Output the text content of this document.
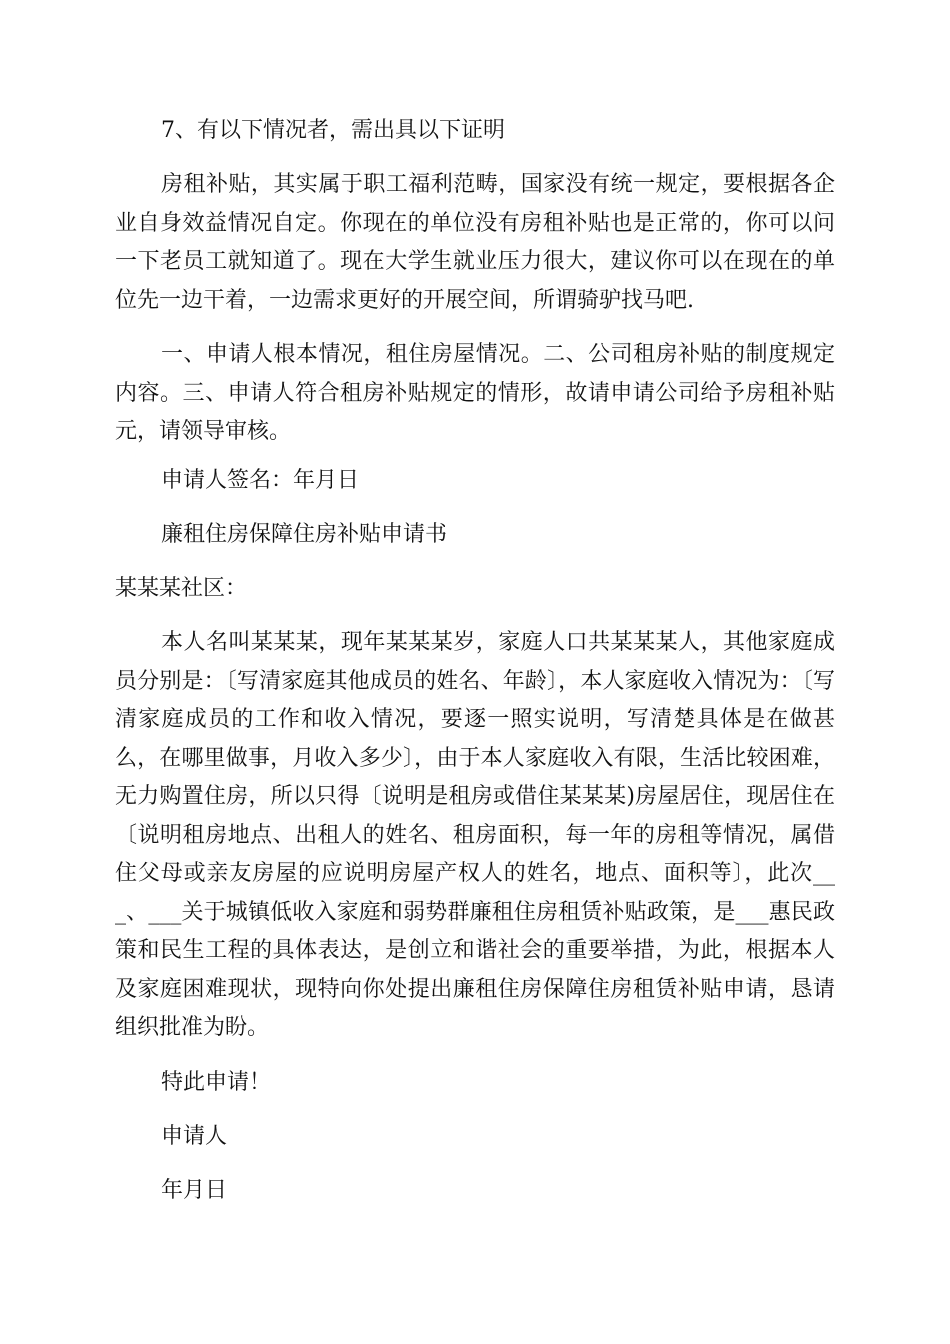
7、有以下情况者，需出具以下证明

房租补贴，其实属于职工福利范畴，国家没有统一规定，要根据各企业自身效益情况自定。你现在的单位没有房租补贴也是正常的，你可以问一下老员工就知道了。现在大学生就业压力很大，建议你可以在现在的单位先一边干着，一边需求更好的开展空间，所谓骑驴找马吧.

一、申请人根本情况，租住房屋情况。二、公司租房补贴的制度规定内容。三、申请人符合租房补贴规定的情形，故请申请公司给予房租补贴元，请领导审核。

申请人签名：年月日

廉租住房保障住房补贴申请书

某某某社区：

本人名叫某某某，现年某某某岁，家庭人口共某某某人，其他家庭成员分别是：〔写清家庭其他成员的姓名、年龄〕，本人家庭收入情况为：〔写清家庭成员的工作和收入情况，要逐一照实说明，写清楚具体是在做甚么，在哪里做事，月收入多少〕，由于本人家庭收入有限，生活比较困难，无力购置住房，所以只得〔说明是租房或借住某某某)房屋居住，现居住在〔说明租房地点、出租人的姓名、租房面积，每一年的房租等情况，属借住父母或亲友房屋的应说明房屋产权人的姓名，地点、面积等〕，此次___、___关于城镇低收入家庭和弱势群廉租住房租赁补贴政策，是___惠民政策和民生工程的具体表达，是创立和谐社会的重要举措，为此，根据本人及家庭困难现状，现特向你处提出廉租住房保障住房租赁补贴申请，恳请组织批准为盼。

特此申请！

申请人

年月日
